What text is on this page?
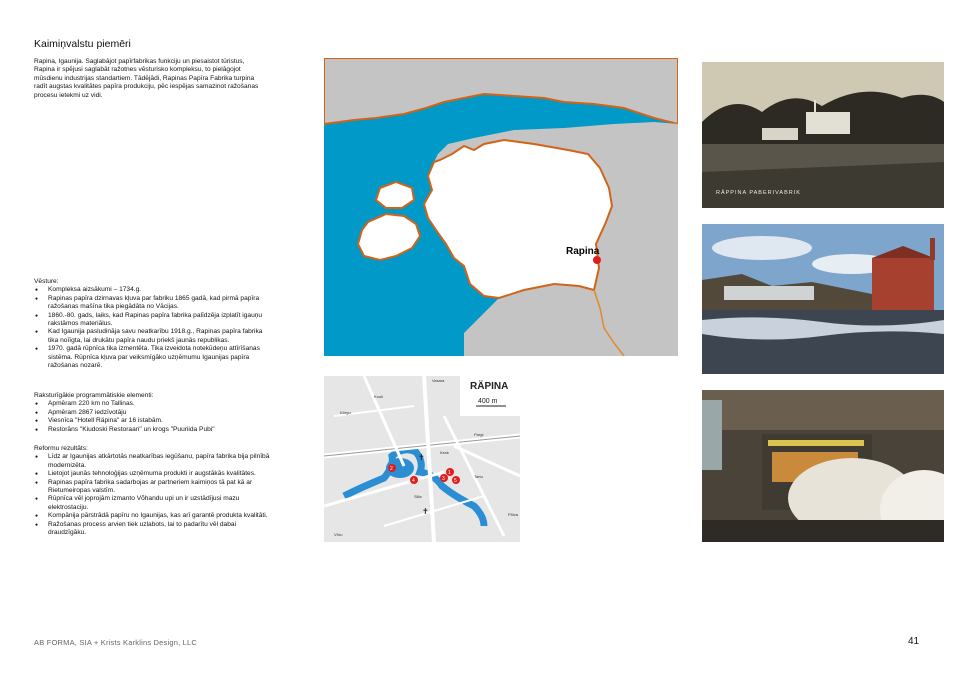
Kaimiņvalstu piemēri
Rapina, Igaunija. Saglabājot papīrfabrikas funkciju un piesaistot tūristus, Rapina ir spējusi saglabāt ražotnes vēsturisko kompleksu, to pielāgojot mūsdienu industrijas standartiem. Tādējādi, Rapinas Papīra Fabrika turpina radīt augstas kvalitātes papīra produkciju, pēc iespējas samazinot ražošanas procesu ietekmi uz vidi.
Vēsture:
● Kompleksa aizsākumi – 1734.g.
● Rapinas papīra dzirnavas kļuva par fabriku 1865 gadā, kad pirmā papīra ražošanas mašīna tika piegādāta no Vācijas.
● 1860.-80. gads, laiks, kad Rapinas papīra fabrika palīdzēja izplatīt igauņu rakstāmos materiālus.
● Kad Igaunija pasludināja savu neatkarību 1918.g., Rapinas papīra fabrika tika noīīgta, lai drukātu papīra naudu priekš jaunās republikas.
● 1970. gadā rūpnīca tika izmentēta. Tika izveidota notekūdeņu attīrīšanas sistēma. Rūpnīca kļuva par veiksmīgāko uzņēmumu Igaunijas papīra ražošanas nozarē.
Raksturīgākie programmātiskie elementi:
● Apmēram 220 km no Tallinas.
● Apmēram 2867 iedzīvotāju
● Viesnīca "Hotell Räpina" ar 16 istabām.
● Restorāns "Kiudoski Restoraan" un krogs "Puuriida Pubi"
Reformu rezultāts:
● Līdz ar Igaunijas atkārtotās neatkarības iegūšanu, papīra fabrika bija pilnībā modernizēta.
● Lietojot jaunās tehnoloģijas uzņēmuma produkti ir augstākās kvalitātes.
● Rapinas papīra fabrika sadarbojas ar partneriem kaimiņos tā pat kā ar Rietumeiropas valstīm.
● Rūpnīca vēl joprojām izmanto Võhandu upi un ir uzstādījusi mazu elektrostaciju.
● Kompānija pārstrādā papīru no Igaunijas, kas arī garantē produkta kvalitāti.
● Ražošanas process arvien tiek uzlabots, lai to padarītu vēl dabai draudzīgāku.
Rapina
RÄPINA
400 m
Vasara
Kõrgu
Kooli
Pargi
Võru
Kesk
Silla
Tartu
Põlva
✝
✝
1
2
3
4	5
RÄPPINA PABERIVABRIK
AB FORMA, SIA + Krists Karklins Design, LLC	41
